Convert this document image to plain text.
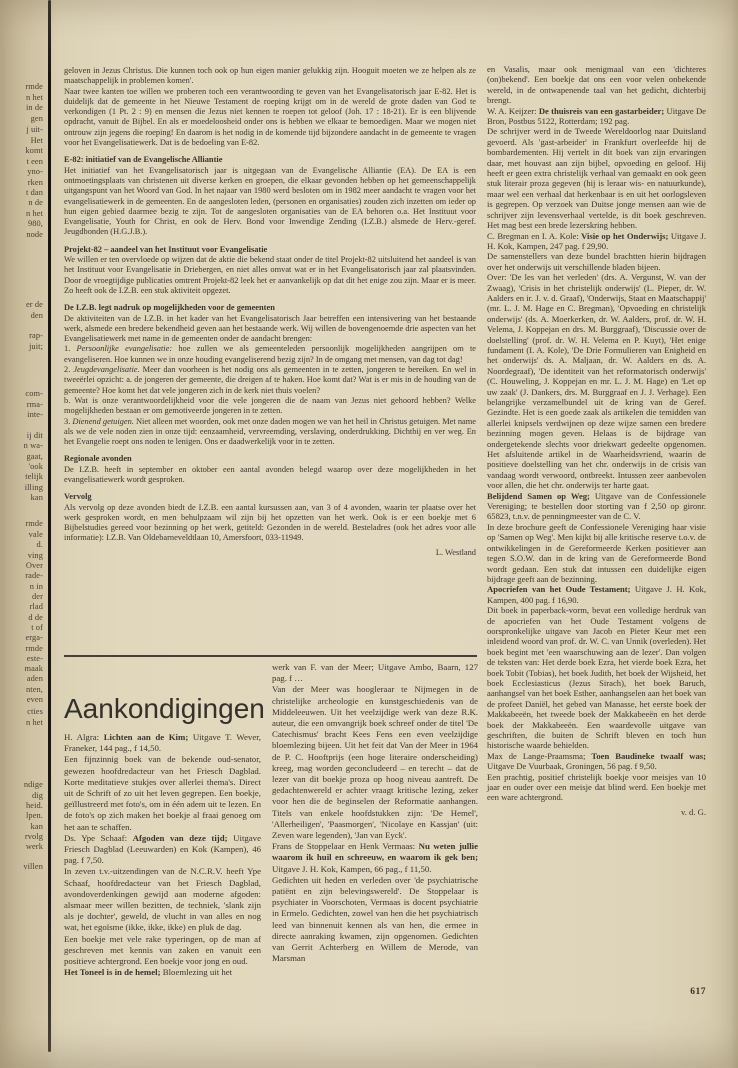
rmde
n het
in de
gen
j uit-
Het
komt
t een
yno-
rken
t dan
n de
n het
980,
node
er de
den
rap-
juit;
com-
rma-
inte-
ij dit
n wa-
gaat,
'ook
telijk
illing
kan
rmde
vale
d.
ving
Over
rade-
n in
der
rlad
d de
t of
erga-
rmde
este-
maak
aden
nten,
even
cties
n het
ndige
dig
heid.
lpen.
kan
rvolg
werk
villen

geloven in Jezus Christus. Die kunnen toch ook op hun eigen manier gelukkig zijn. Hooguit moeten we ze helpen als ze maatschappelijk in problemen komen'.

Naar twee kanten toe willen we proberen toch een verantwoording te geven van het Evangelisatorisch jaar E-82. Het is duidelijk dat de gemeente in het Nieuwe Testament de roeping krijgt om in de wereld de grote daden van God te verkondigen (1 Pt. 2 : 9) en mensen die Jezus niet kennen te roepen tot geloof (Joh. 17 : 18-21). Er is een blijvende opdracht, vanuit de Bijbel. En als er moedeloosheid onder ons is hebben we elkaar te bemoedigen. Maar we mogen niet ontrouw zijn jegens die roeping! En daarom is het nodig in de komende tijd bijzondere aandacht in de gemeente te vragen voor het Evangelisatiewerk. Dat is de bedoeling van E-82.

E-82: initiatief van de Evangelische Alliantie

Het initiatief van het Evangelisatorisch jaar is uitgegaan van de Evangelische Alliantie (EA). De EA is een ontmoetingsplaats van christenen uit diverse kerken en groepen, die elkaar gevonden hebben op het gemeenschappelijk uitgangspunt van het Woord van God. In het najaar van 1980 werd besloten om in 1982 meer aandacht te vragen voor het evangelisatiewerk in de gemeenten. En de aangesloten leden, (personen en organisaties) zouden zich inzetten om ieder op hun eigen gebied daarmee bezig te zijn. Tot de aangesloten organisaties van de EA behoren o.a. Het Instituut voor Evangelisatie, Youth for Christ, en ook de Herv. Bond voor Inwendige Zending (I.Z.B.) alsmede de Herv.-geref. Jeugdbonden (H.G.J.B.).

Projekt-82 – aandeel van het Instituut voor Evangelisatie

We willen er ten overvloede op wijzen dat de aktie die bekend staat onder de titel Projekt-82 uitsluitend het aandeel is van het Instituut voor Evangelisatie in Driebergen, en niet alles omvat wat er in het Evangelisatorisch jaar zal plaatsvinden. Door de vroegtijdige publicaties omtrent Projekt-82 leek het er aanvankelijk op dat dit het enige zou zijn. Maar er is meer. Zo heeft ook de I.Z.B. een stuk aktiviteit opgezet.

De I.Z.B. legt nadruk op mogelijkheden voor de gemeenten

De aktiviteiten van de I.Z.B. in het kader van het Evangelisatorisch Jaar betreffen een intensivering van het bestaande werk, alsmede een bredere bekendheid geven aan het bestaande werk. Wij willen de bovengenoemde drie aspecten van het Evangelisatiewerk met name in de gemeenten onder de aandacht brengen:

1. Persoonlijke evangelisatie: hoe zullen we als gemeenteleden persoonlijk mogelijkheden aangrijpen om te evangeliseren. Hoe kunnen we in onze houding evangeliserend bezig zijn? In de omgang met mensen, van dag tot dag!

2. Jeugdevangelisatie. Meer dan voorheen is het nodig ons als gemeenten in te zetten, jongeren te bereiken. En wel in tweeërlei opzicht: a. de jongeren der gemeente, die dreigen af te haken. Hoe komt dat? Wat is er mis in de houding van de gemeente? Hoe komt het dat vele jongeren zich in de kerk niet thuis voelen?

b. Wat is onze verantwoordelijkheid voor die vele jongeren die de naam van Jezus niet gehoord hebben? Welke mogelijkheden bestaan er om gemotiveerde jongeren in te zetten.

3. Dienend getuigen. Niet alleen met woorden, ook met onze daden mogen we van het heil in Christus getuigen. Met name als we de vele noden zien in onze tijd: eenzaamheid, vervreemding, verslaving, onderdrukking. Dichtbij en ver weg. En het Evangelie roept ons noden te lenigen. Ons er daadwerkelijk voor in te zetten.

Regionale avonden

De I.Z.B. heeft in september en oktober een aantal avonden belegd waarop over deze mogelijkheden in het evangelisatiewerk wordt gesproken.

Vervolg

Als vervolg op deze avonden biedt de I.Z.B. een aantal kursussen aan, van 3 of 4 avonden, waarin ter plaatse over het werk gesproken wordt, en men behulpzaam wil zijn bij het opzetten van het werk. Ook is er een boekje met 6 Bijbelstudies gereed voor bezinning op het werk, getiteld: Gezonden in de wereld. Besteladres (ook het adres voor alle informatie): I.Z.B. Van Oldebarneveldtlaan 10, Amersfoort, 033-11949.

L. Westland

Aankondigingen

H. Algra: Lichten aan de Kim; Uitgave T. Wever, Franeker, 144 pag., f 14,50.

Een fijnzinnig boek van de bekende oud-senator, gewezen hoofdredacteur van het Friesch Dagblad. Korte meditatieve stukjes over allerlei thema's. Direct uit de Schrift of zo uit het leven gegrepen. Een boekje, geïllustreerd met foto's, om in één adem uit te lezen. En de foto's op zich maken het boekje al fraai genoeg om het aan te schaffen.

Ds. Ype Schaaf: Afgoden van deze tijd; Uitgave Friesch Dagblad (Leeuwarden) en Kok (Kampen), 46 pag. f 7,50.

In zeven t.v.-uitzendingen van de N.C.R.V. heeft Ype Schaaf, hoofdredacteur van het Friesch Dagblad, avondoverdenkingen gewijd aan moderne afgoden: alsmaar meer willen bezitten, de techniek, 'slank zijn als je dochter', geweld, de vlucht in van alles en nog wat, het egoïsme (ikke, ikke, ikke) en pluk de dag.

Een boekje met vele rake typeringen, op de man af geschreven met kennis van zaken en vanuit een positieve achtergrond. Een boekje voor jong en oud.

Het Toneel is in de hemel; Bloemlezing uit het

werk van F. van der Meer; Uitgave Ambo, Baarn, 127 pag. f …

Van der Meer was hoogleraar te Nijmegen in de christelijke archeologie en kunstgeschiedenis van de Middeleeuwen. Uit het veelzijdige werk van deze R.K. auteur, die een omvangrijk boek schreef onder de titel 'De Catechismus' bracht Kees Fens een even veelzijdige bloemlezing bijeen. Uit het feit dat Van der Meer in 1964 de P. C. Hooftprijs (een hoge literaire onderscheiding) kreeg, mag worden geconcludeerd – en terecht – dat de lezer van dit boekje proza op hoog niveau aantreft. De gedachtenwereld er achter vraagt kritische lezing, zeker voor hen die de beginselen der Reformatie aanhangen. Titels van enkele hoofdstukken zijn: 'De Hemel', 'Allerheiligen', 'Paasmorgen', 'Nicolaye en Kassjan' (uit: Zeven ware legenden), 'Jan van Eyck'.

Frans de Stoppelaar en Henk Vermaas: Nu weten jullie waarom ik huil en schreeuw, en waarom ik gek ben; Uitgave J. H. Kok, Kampen, 66 pag., f 11,50.

Gedichten uit heden en verleden over 'de psychiatrische patiënt en zijn belevingswereld'. De Stoppelaar is psychiater in Voorschoten, Vermaas is docent psychiatrie in Ermelo. Gedichten, zowel van hen die het psychiatrisch leed van binnenuit kennen als van hen, die ermee in directe aanraking kwamen, zijn opgenomen. Gedichten van Gerrit Achterberg en Willem de Merode, van Marsman

en Vasalis, maar ook menigmaal van een 'dichteres (on)bekend'. Een boekje dat ons een voor velen onbekende wereld, in de ontwapenende taal van het gedicht, dichterbij brengt.

W. A. Keijzer: De thuisreis van een gastarbeider; Uitgave De Bron, Postbus 5122, Rotterdam; 192 pag.

De schrijver werd in de Tweede Wereldoorlog naar Duitsland gevoerd. Als 'gast-arbeider' in Frankfurt overleefde hij de bombardementen. Hij vertelt in dit boek van zijn ervaringen daar, met houvast aan zijn bijbel, opvoeding en geloof. Hij heeft er geen extra christelijk verhaal van gemaakt en ook geen stuk literair proza gegeven (hij is leraar wis- en natuurkunde), maar wel een verhaal dat herkenbaar is en uit het oorlogsleven is gegrepen. Op verzoek van Duitse jonge mensen aan wie de schrijver zijn levensverhaal vertelde, is dit boek geschreven. Het mag best een brede lezerskring hebben.

C. Bregman en I. A. Kole: Visie op het Onderwijs; Uitgave J. H. Kok, Kampen, 247 pag. f 29,90.

De samenstellers van deze bundel brachtten hierin bijdragen over het onderwijs uit verschillende bladen bijeen.

Over: 'De les van het verleden' (drs. A. Vergunst, W. van der Zwaag), 'Crisis in het christelijk onderwijs' (L. Pieper, dr. W. Aalders en ir. J. v. d. Graaf), 'Onderwijs, Staat en Maatschappij' (mr. L. J. M. Hage en C. Bregman), 'Opvoeding en christelijk onderwijs' (ds. A. Moerkerken, dr. W. Aalders, prof. dr. W. H. Velema, J. Koppejan en drs. M. Burggraaf), 'Discussie over de doelstelling' (prof. dr. W. H. Velema en P. Kuyt), 'Het enige fundament (I. A. Kole), 'De Drie Formulieren van Enigheid en het onderwijs' ds. A. Maljaan, dr. W. Aalders en ds. A. Noordegraaf), 'De identiteit van het reformatorisch onderwijs' (C. Houweling, J. Koppejan en mr. L. J. M. Hage) en 'Let op uw zaak' (J. Dankers, drs. M. Burggraaf en J. J. Verhage). Een belangrijke verzamelbundel uit de kring van de Geref. Gezindte. Het is een goede zaak als artikelen die temidden van allerlei knipsels verdwijnen op deze wijze samen een bredere bezinning mogen geven. Helaas is de bijdrage van ondergetekende slechts voor driekwart gedeelte opgenomen. Het afsluitende artikel in de Waarheidsvriend, waarin de positieve doelstelling van het chr. onderwijs in de crisis van vandaag wordt verwoord, ontbreekt. Intussen zeer aanbevolen voor allen, die het chr. onderwijs ter harte gaat.

Belijdend Samen op Weg; Uitgave van de Confessionele Vereniging; te bestellen door storting van f 2,50 op gironr. 65823, t.n.v. de penningmeester van de C. V.

In deze brochure geeft de Confessionele Vereniging haar visie op 'Samen op Weg'. Men kijkt bij alle kritische reserve t.o.v. de ontwikkelingen in de Gereformeerde Kerken positiever aan tegen S.O.W. dan in de kring van de Gereformeerde Bond wordt gedaan. Een stuk dat intussen een duidelijke eigen bijdrage geeft aan de bezinning.

Apocriefen van het Oude Testament; Uitgave J. H. Kok, Kampen, 400 pag. f 16,90.

Dit boek in paperback-vorm, bevat een volledige herdruk van de apocriefen van het Oude Testament volgens de oorspronkelijke uitgave van Jacob en Pieter Keur met een inleidend woord van prof. dr. W. C. van Unnik (overleden). Het boek begint met 'een waarschuwing aan de lezer'. Dan volgen de teksten van: Het derde boek Ezra, het vierde boek Ezra, het boek Tobit (Tobias), het boek Judith, het boek der Wijsheid, het boek Ecclesiasticus (Jezus Sirach), het boek Baruch, aanhangsel van het boek Esther, aanhangselen aan het boek van de profeet Daniël, het gebed van Manasse, het eerste boek der Makkabeeën, het tweede boek der Makkabeeën en het derde boek der Makkabeeën. Een waardevolle uitgave van geschriften, die buiten de Schrift bleven en toch hun historische waarde behielden.

Max de Lange-Praamsma; Toen Baudineke twaalf was; Uitgave De Vuurbaak, Groningen, 56 pag. f 9,50.

Een prachtig, positief christelijk boekje voor meisjes van 10 jaar en ouder over een meisje dat blind werd. Een boekje met een ware achtergrond.

v. d. G.

617
